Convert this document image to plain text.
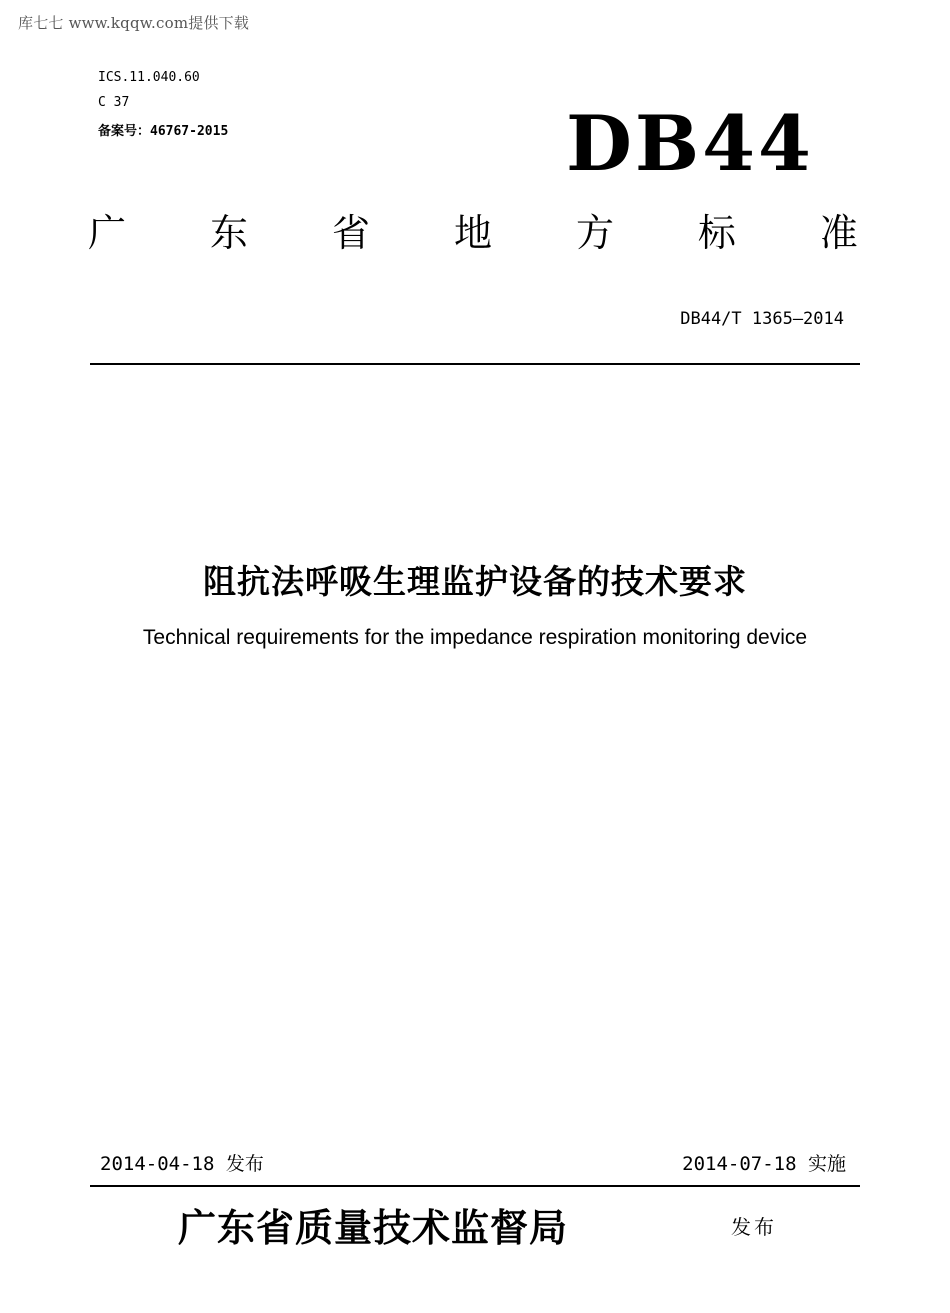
库七七 www.kqqw.com提供下载
ICS.11.040.60
C 37
备案号：46767-2015	DB44
广 东 省 地 方 标 准
DB44/T 1365—2014
阻抗法呼吸生理监护设备的技术要求
Technical requirements for the impedance respiration monitoring device
2014-04-18 发布	2014-07-18 实施
广东省质量技术监督局	发布
